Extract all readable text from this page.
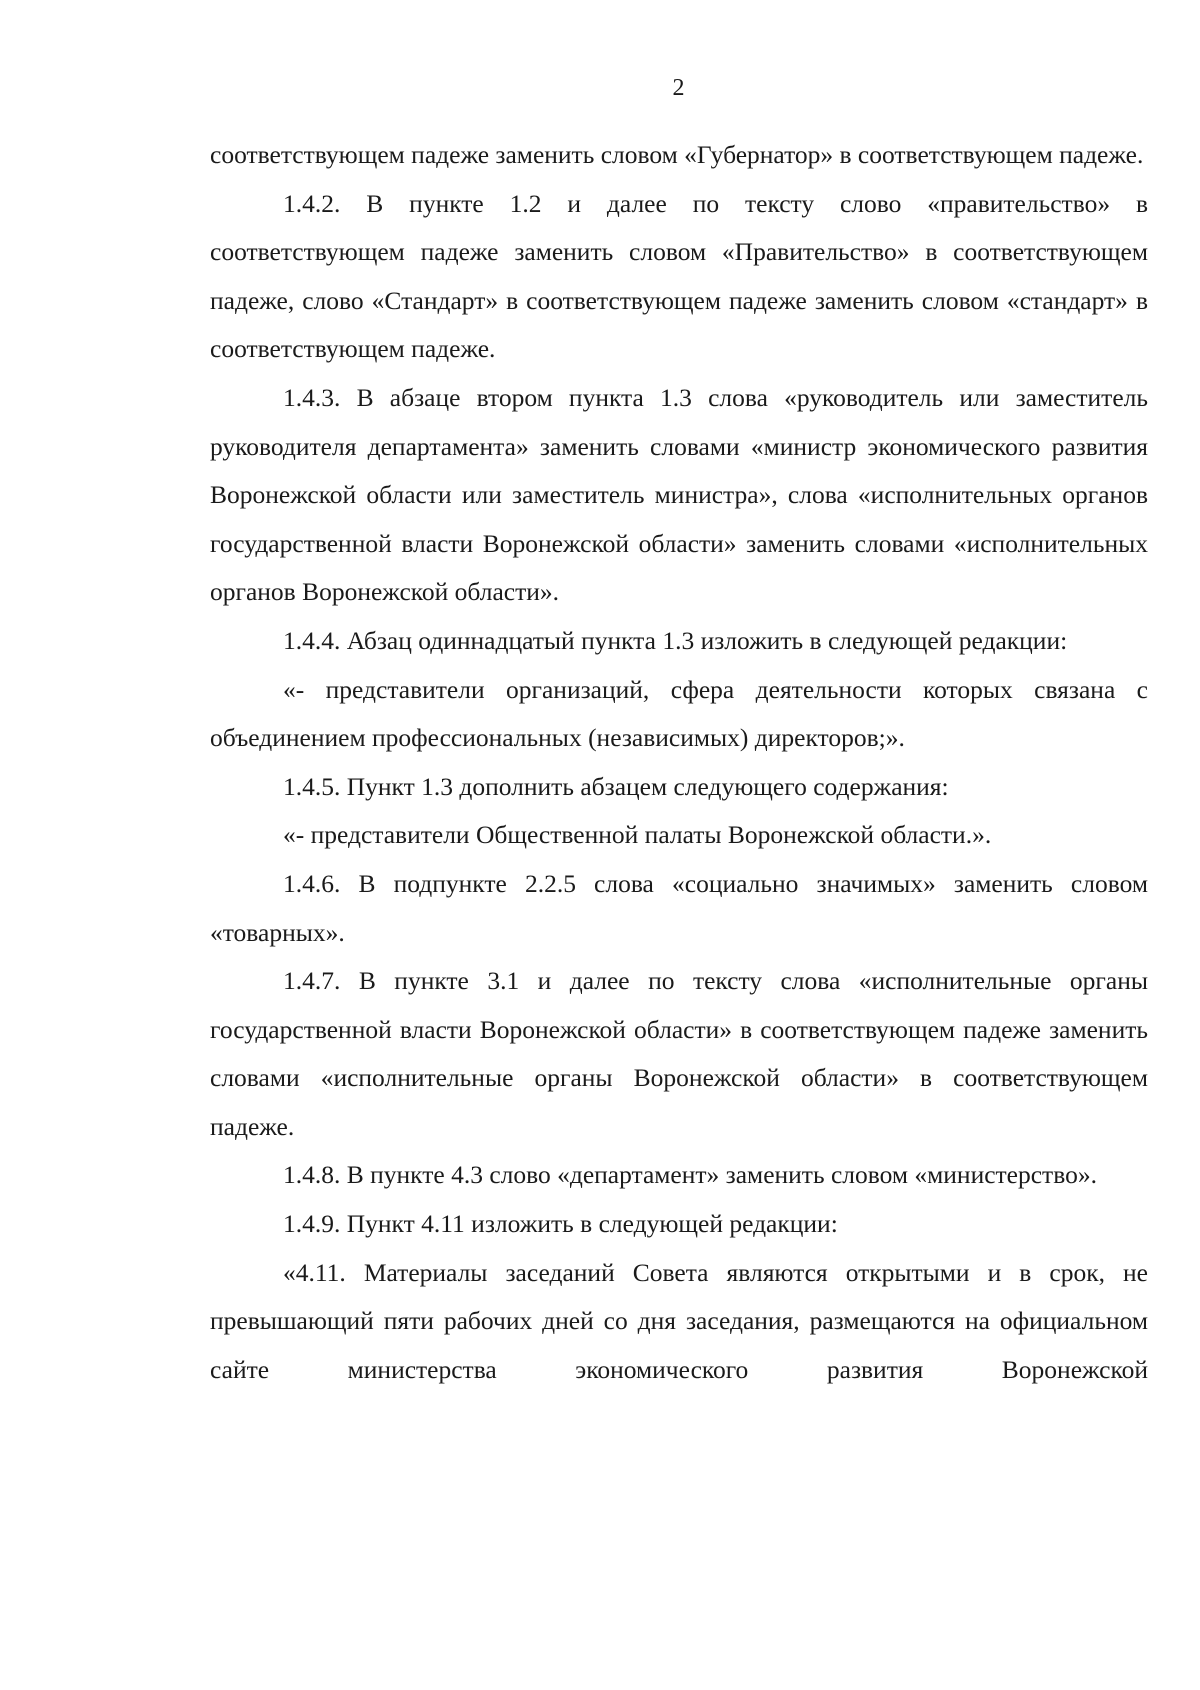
2

соответствующем падеже заменить словом «Губернатор» в соответствующем падеже.

1.4.2. В пункте 1.2 и далее по тексту слово «правительство» в соответствующем падеже заменить словом «Правительство» в соответствующем падеже, слово «Стандарт» в соответствующем падеже заменить словом «стандарт» в соответствующем падеже.

1.4.3. В абзаце втором пункта 1.3 слова «руководитель или заместитель руководителя департамента» заменить словами «министр экономического развития Воронежской области или заместитель министра», слова «исполнительных органов государственной власти Воронежской области» заменить словами «исполнительных органов Воронежской области».

1.4.4. Абзац одиннадцатый пункта 1.3 изложить в следующей редакции:

«- представители организаций, сфера деятельности которых связана с объединением профессиональных (независимых) директоров;».

1.4.5. Пункт 1.3 дополнить абзацем следующего содержания:

«- представители Общественной палаты Воронежской области.».

1.4.6. В подпункте 2.2.5 слова «социально значимых» заменить словом «товарных».

1.4.7. В пункте 3.1 и далее по тексту слова «исполнительные органы государственной власти Воронежской области» в соответствующем падеже заменить словами «исполнительные органы Воронежской области» в соответствующем падеже.

1.4.8. В пункте 4.3 слово «департамент» заменить словом «министерство».

1.4.9. Пункт 4.11 изложить в следующей редакции:

«4.11. Материалы заседаний Совета являются открытыми и в срок, не превышающий пяти рабочих дней со дня заседания, размещаются на официальном сайте министерства экономического развития Воронежской
